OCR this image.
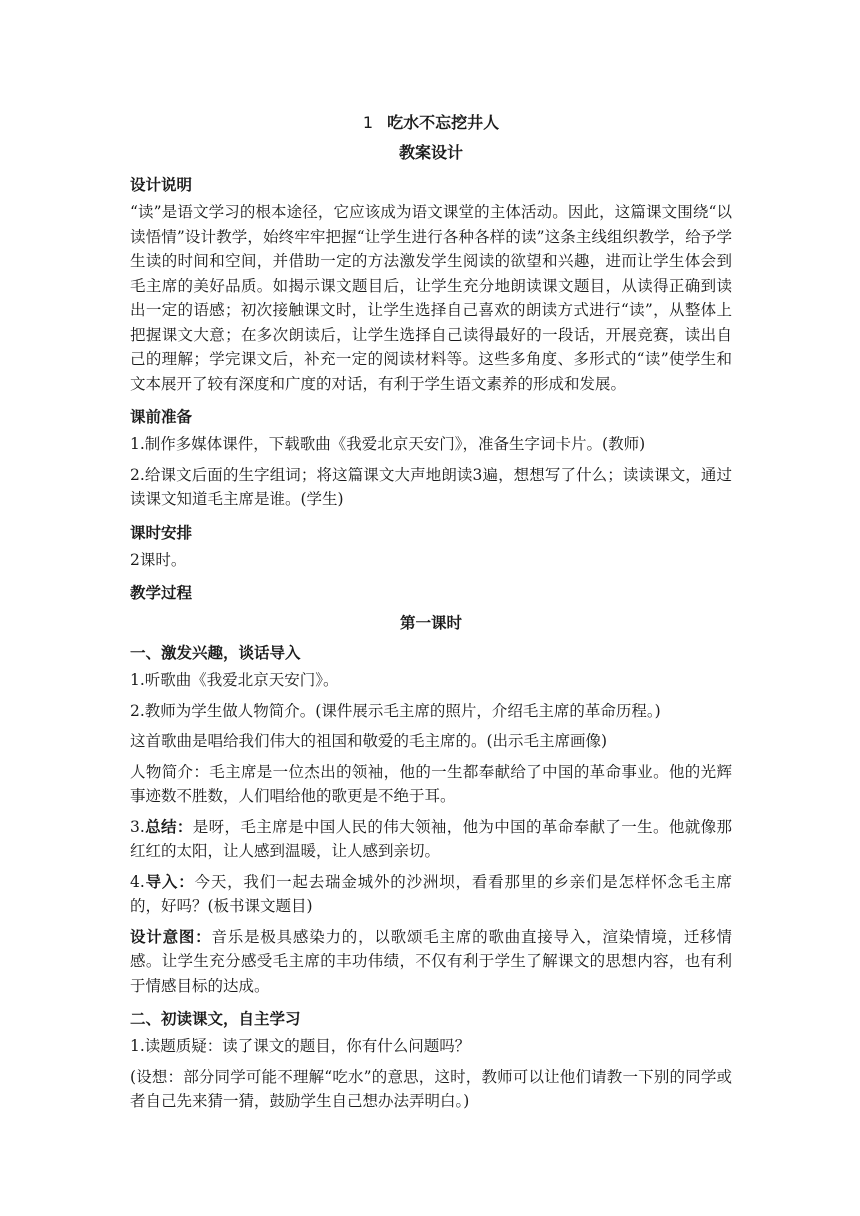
1 吃水不忘挖井人
教案设计
设计说明

“读”是语文学习的根本途径，它应该成为语文课堂的主体活动。因此，这篇课文围绕“以读悟情”设计教学，始终牢牢把握“让学生进行各种各样的读”这条主线组织教学，给予学生读的时间和空间，并借助一定的方法激发学生阅读的欲望和兴趣，进而让学生体会到毛主席的美好品质。如揭示课文题目后，让学生充分地朗读课文题目，从读得正确到读出一定的语感；初次接触课文时，让学生选择自己喜欢的朗读方式进行“读”，从整体上把握课文大意；在多次朗读后，让学生选择自己读得最好的一段话，开展竞赛，读出自己的理解；学完课文后，补充一定的阅读材料等。这些多角度、多形式的“读”使学生和文本展开了较有深度和广度的对话，有利于学生语文素养的形成和发展。

课前准备

1.制作多媒体课件，下载歌曲《我爱北京天安门》，准备生字词卡片。(教师)

2.给课文后面的生字组词；将这篇课文大声地朗读3遍，想想写了什么；读读课文，通过读课文知道毛主席是谁。(学生)

课时安排

2课时。

教学过程
第一课时
一、激发兴趣，谈话导入

1.听歌曲《我爱北京天安门》。

2.教师为学生做人物简介。(课件展示毛主席的照片，介绍毛主席的革命历程。)

这首歌曲是唱给我们伟大的祖国和敬爱的毛主席的。(出示毛主席画像)

人物简介：毛主席是一位杰出的领袖，他的一生都奉献给了中国的革命事业。他的光辉事迹数不胜数，人们唱给他的歌更是不绝于耳。

3.总结：是呀，毛主席是中国人民的伟大领袖，他为中国的革命奉献了一生。他就像那红红的太阳，让人感到温暖，让人感到亲切。

4.导入：今天，我们一起去瑞金城外的沙洲坝，看看那里的乡亲们是怎样怀念毛主席的，好吗？(板书课文题目)

设计意图：音乐是极具感染力的，以歌颂毛主席的歌曲直接导入，渲染情境，迁移情感。让学生充分感受毛主席的丰功伟绩，不仅有利于学生了解课文的思想内容，也有利于情感目标的达成。

二、初读课文，自主学习

1.读题质疑：读了课文的题目，你有什么问题吗？

(设想：部分同学可能不理解“吃水”的意思，这时，教师可以让他们请教一下别的同学或者自己先来猜一猜，鼓励学生自己想办法弄明白。)
